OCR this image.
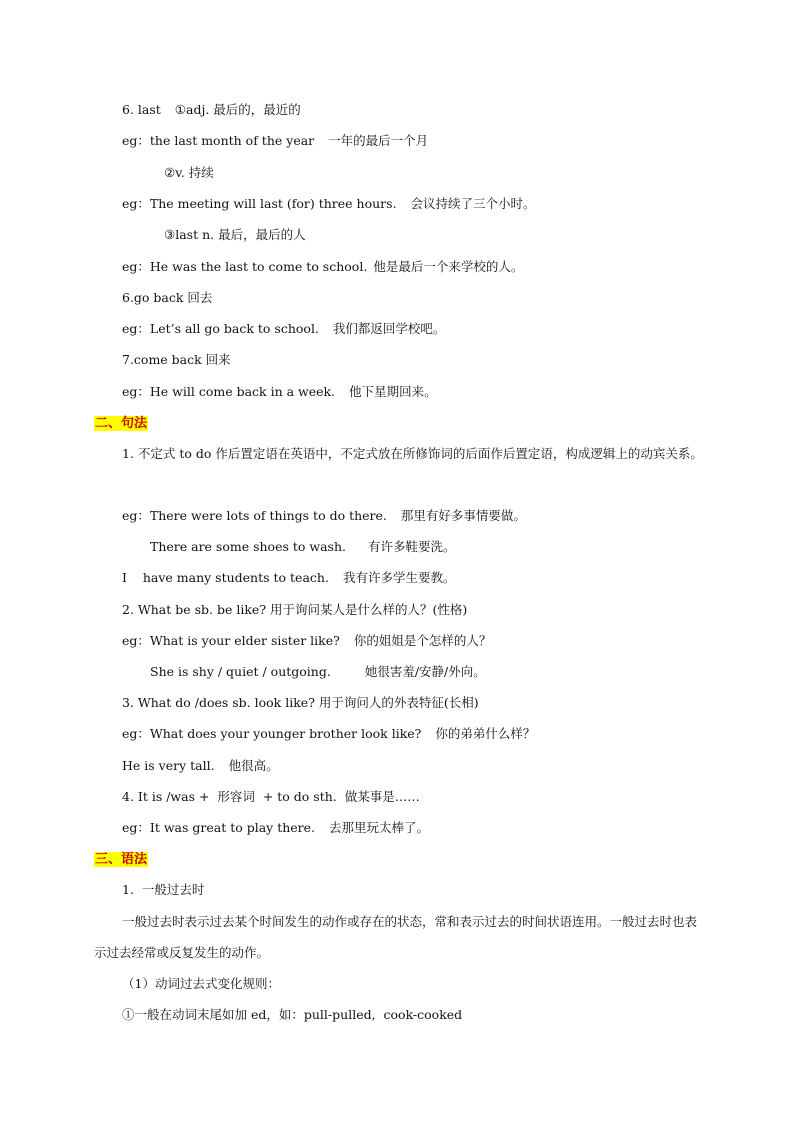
6. last ①adj. 最后的，最近的
eg：the last month of the year 一年的最后一个月
②v. 持续
eg：The meeting will last (for) three hours. 会议持续了三个小时。
③last n. 最后，最后的人
eg：He was the last to come to school. 他是最后一个来学校的人。
6.go back 回去
eg：Let’s all go back to school. 我们都返回学校吧。
7.come back 回来
eg：He will come back in a week. 他下星期回来。
二、句法
1. 不定式 to do 作后置定语在英语中，不定式放在所修饰词的后面作后置定语，构成逻辑上的动宾关系。
eg：There were lots of things to do there. 那里有好多事情要做。
There are some shoes to wash. 有许多鞋要洗。
I    have many students to teach. 我有许多学生要教。
2. What be sb. be like? 用于询问某人是什么样的人？(性格)
eg：What is your elder sister like? 你的姐姐是个怎样的人？
She is shy / quiet / outgoing.	她很害羞/安静/外向。
3. What do /does sb. look like? 用于询问人的外表特征(长相)
eg：What does your younger brother look like? 你的弟弟什么样？
He is very tall. 他很高。
4. It is /was +  形容词  + to do sth.  做某事是……
eg：It was great to play there. 去那里玩太棒了。
三、语法
1.  一般过去时
一般过去时表示过去某个时间发生的动作或存在的状态，常和表示过去的时间状语连用。一般过去时也表示过去经常或反复发生的动作。
（1）动词过去式变化规则：
①一般在动词末尾如加 ed，如：pull-pulled,  cook-cooked
